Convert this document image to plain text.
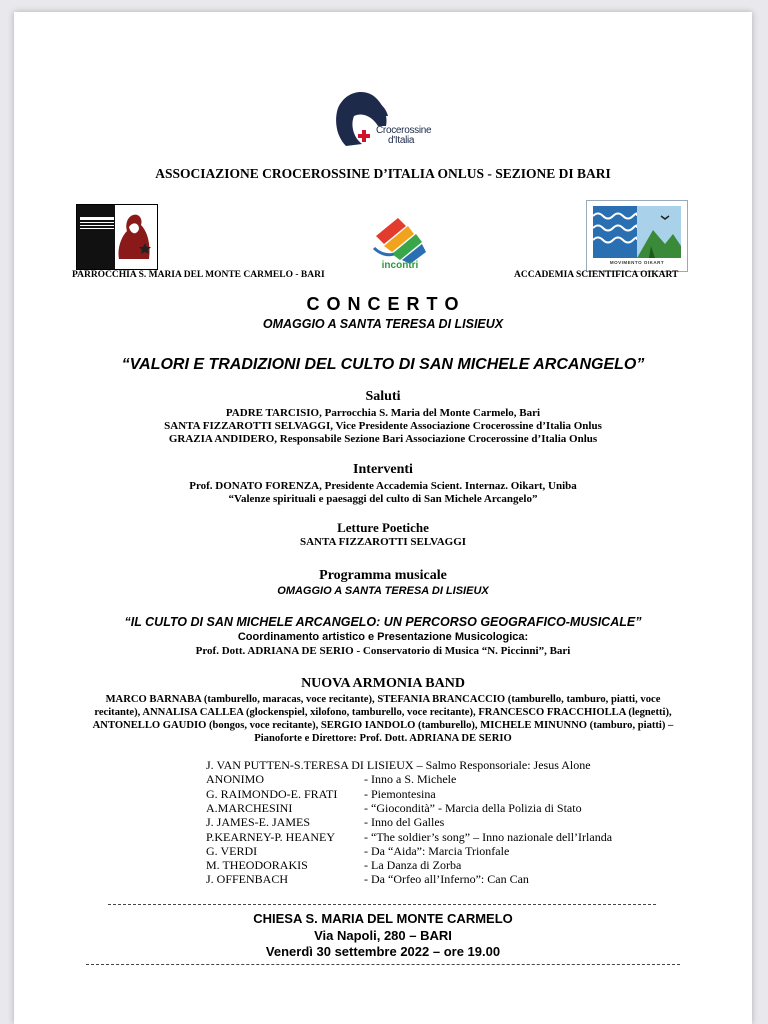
Crocerossine
d'Italia
ASSOCIAZIONE CROCEROSSINE D’ITALIA ONLUS - SEZIONE DI BARI
incontri	MOVIMENTO OIKART
PARROCCHIA S. MARIA DEL MONTE CARMELO - BARI	ACCADEMIA SCIENTIFICA OIKART
C O N C E R T O
OMAGGIO A SANTA TERESA DI LISIEUX
“VALORI E TRADIZIONI DEL CULTO DI SAN MICHELE ARCANGELO”
Saluti
PADRE TARCISIO, Parrocchia S. Maria del Monte Carmelo, Bari
SANTA FIZZAROTTI SELVAGGI, Vice Presidente Associazione Crocerossine d’Italia Onlus
GRAZIA ANDIDERO, Responsabile Sezione Bari Associazione Crocerossine d’Italia Onlus
Interventi
Prof. DONATO FORENZA, Presidente Accademia Scient. Internaz. Oikart, Uniba
“Valenze spirituali e paesaggi del culto di San Michele Arcangelo”
Letture Poetiche
SANTA FIZZAROTTI SELVAGGI
Programma musicale
OMAGGIO A SANTA TERESA DI LISIEUX
“IL CULTO DI SAN MICHELE ARCANGELO: UN PERCORSO GEOGRAFICO-MUSICALE”
Coordinamento artistico e Presentazione Musicologica:
Prof. Dott. ADRIANA DE SERIO - Conservatorio di Musica “N. Piccinni”, Bari
NUOVA ARMONIA BAND
MARCO BARNABA (tamburello, maracas, voce recitante), STEFANIA BRANCACCIO (tamburello, tamburo, piatti, voce
recitante), ANNALISA CALLEA (glockenspiel, xilofono, tamburello, voce recitante), FRANCESCO FRACCHIOLLA (legnetti),
ANTONELLO GAUDIO (bongos, voce recitante), SERGIO IANDOLO (tamburello), MICHELE MINUNNO (tamburo, piatti) –
Pianoforte e Direttore: Prof. Dott. ADRIANA DE SERIO
J. VAN PUTTEN-S.TERESA DI LISIEUX – Salmo Responsoriale: Jesus Alone
ANONIMO	- Inno a S. Michele
G. RAIMONDO-E. FRATI - Piemontesina
A.MARCHESINI	- “Giocondità” - Marcia della Polizia di Stato
J. JAMES-E. JAMES	- Inno del Galles
P.KEARNEY-P. HEANEY - “The soldier’s song” – Inno nazionale dell’Irlanda
G. VERDI	- Da “Aida”: Marcia Trionfale
M. THEODORAKIS	- La Danza di Zorba
J. OFFENBACH	- Da “Orfeo all’Inferno”: Can Can
CHIESA S. MARIA DEL MONTE CARMELO
Via Napoli, 280 – BARI
Venerdì 30 settembre 2022 – ore 19.00
